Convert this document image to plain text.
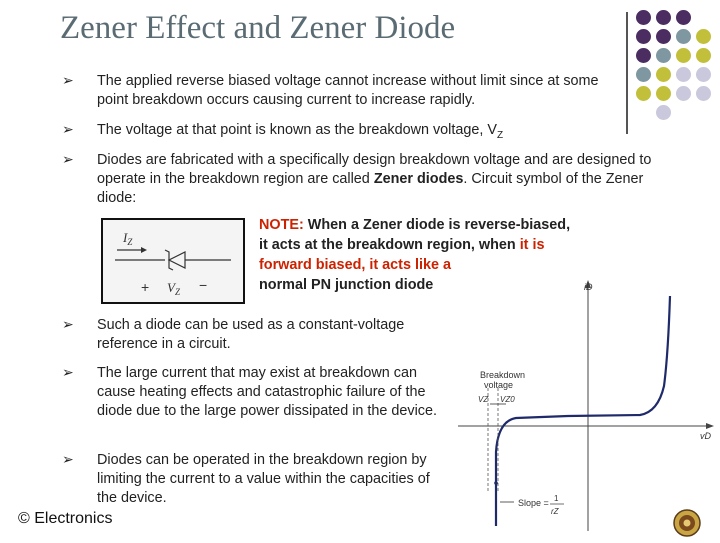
Zener Effect and Zener Diode
➢ The applied reverse biased voltage cannot increase without limit since at some point breakdown occurs causing current to increase rapidly.
➢ The voltage at that point is known as the breakdown voltage, $V_Z$
➢ Diodes are fabricated with a specifically design breakdown voltage and are designed to operate in the breakdown region are called Zener diodes. Circuit symbol of the Zener diode:
$I_Z$
+ $V_Z$ −
NOTE: When a Zener diode is reverse-biased, it acts at the breakdown region, when it is forward biased, it acts like a
normal PN junction diode
➢ Such a diode can be used as a constant-voltage reference in a circuit.
➢ The large current that may exist at breakdown can cause heating effects and catastrophic failure of the diode due to the large power dissipated in the device.
➢ Diodes can be operated in the breakdown region by limiting the current to a value within the capacities of the device.
iD
vD
Breakdown
voltage
VZ VZ0
Slope = 1
rZ
© Electronics
